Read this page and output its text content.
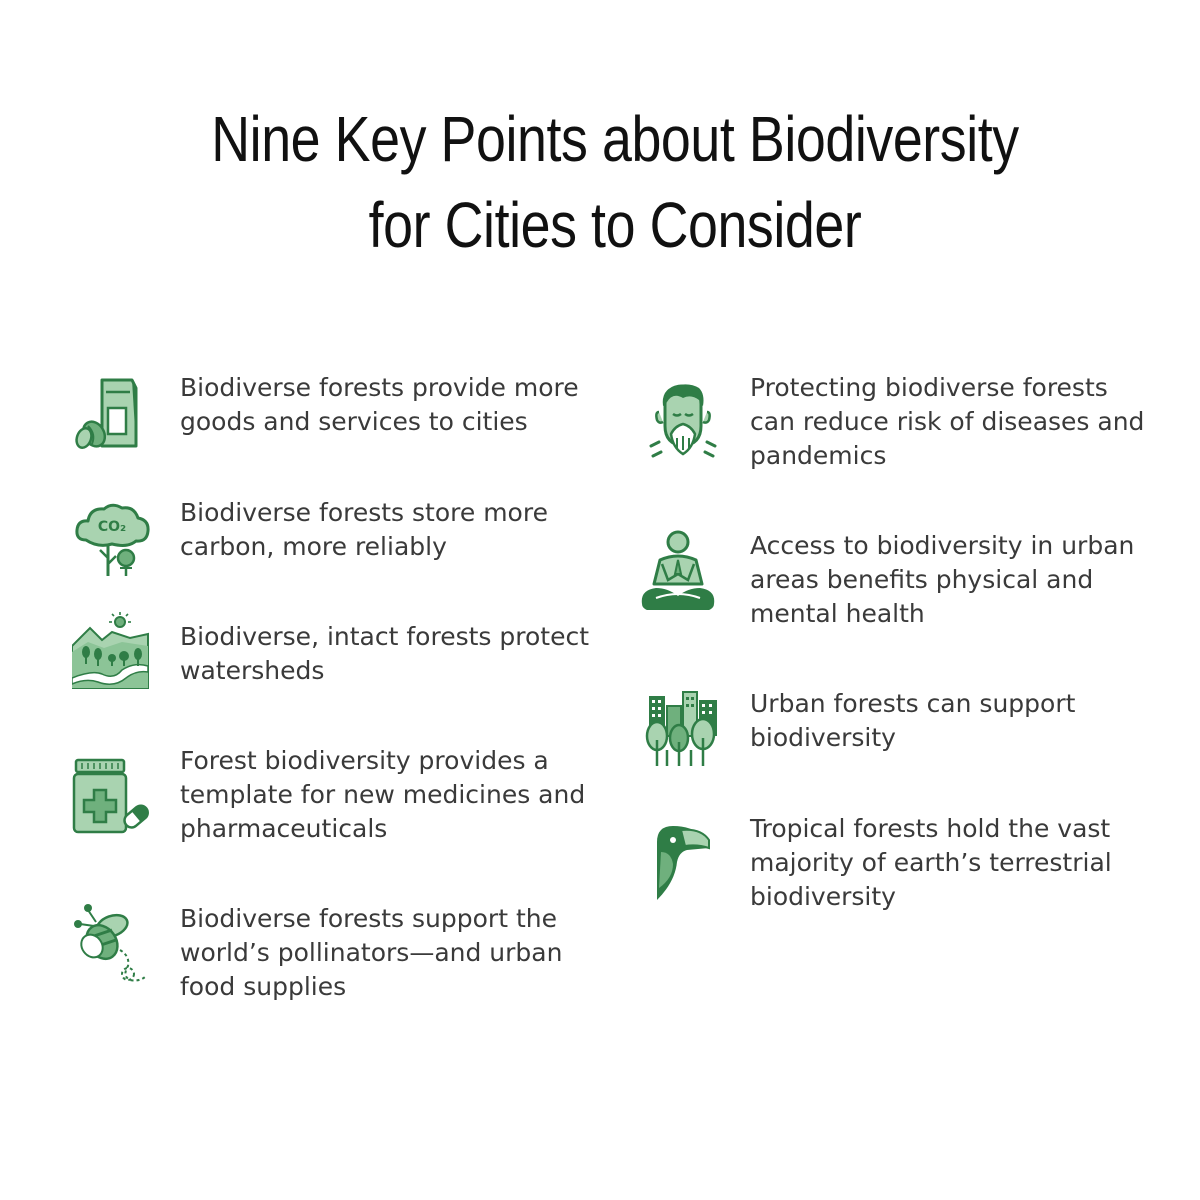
Nine Key Points about Biodiversity
for Cities to Consider
Biodiverse forests provide more
goods and services to cities
CO₂ Biodiverse forests store more
carbon, more reliably
Biodiverse, intact forests protect
watersheds
Forest biodiversity provides a
template for new medicines and
pharmaceuticals
Biodiverse forests support the
world’s pollinators—and urban
food supplies
Protecting biodiverse forests
can reduce risk of diseases and
pandemics
Access to biodiversity in urban
areas benefits physical and
mental health
Urban forests can support
biodiversity
Tropical forests hold the vast
majority of earth’s terrestrial
biodiversity
